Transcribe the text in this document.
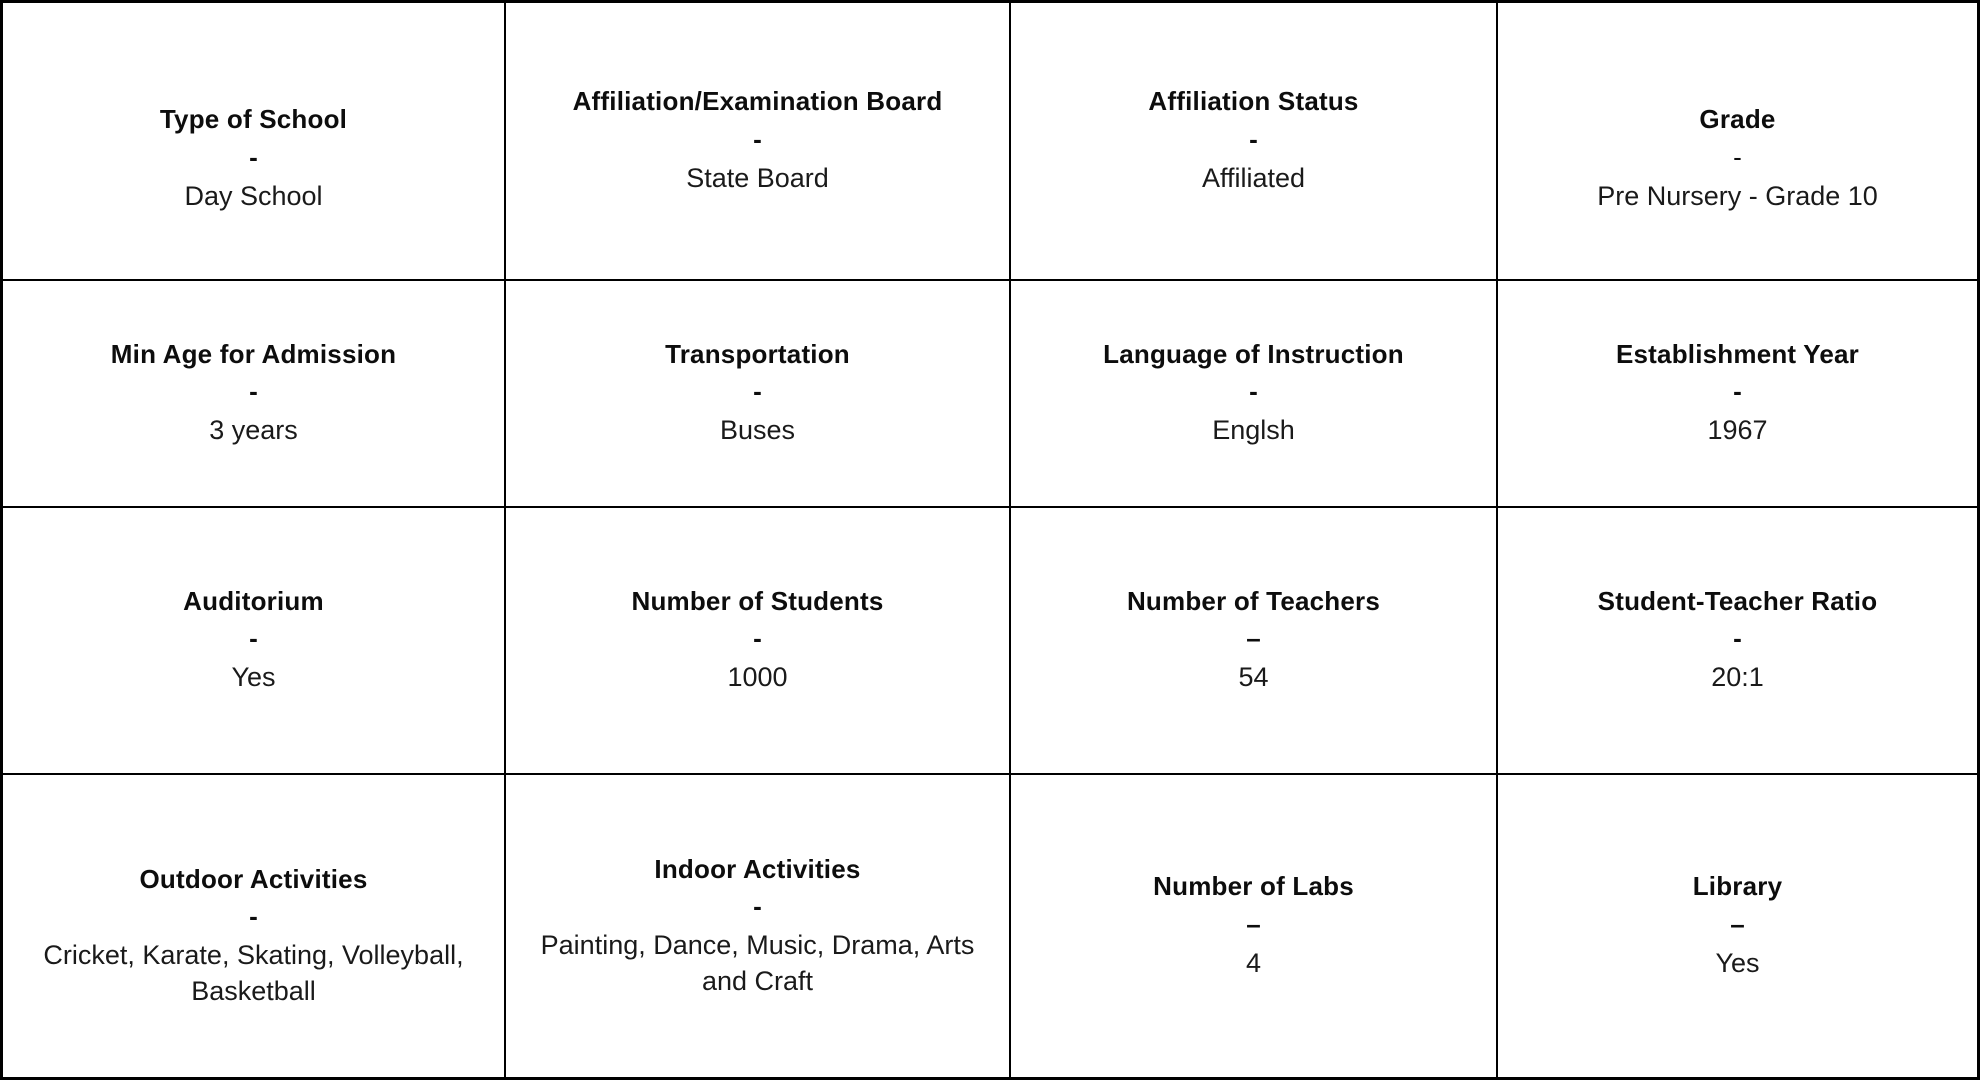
Type of School
-
Day School
Affiliation/Examination Board
-
State Board
Affiliation Status
-
Affiliated
Grade
-
Pre Nursery - Grade 10
Min Age for Admission
-
3 years
Transportation
-
Buses
Language of Instruction
-
Englsh
Establishment Year
-
1967
Auditorium
-
Yes
Number of Students
-
1000
Number of Teachers
–
54
Student-Teacher Ratio
-
20:1
Outdoor Activities
-
Cricket, Karate, Skating, Volleyball, Basketball
Indoor Activities
-
Painting, Dance, Music, Drama, Arts and Craft
Number of Labs
–
4
Library
–
Yes
